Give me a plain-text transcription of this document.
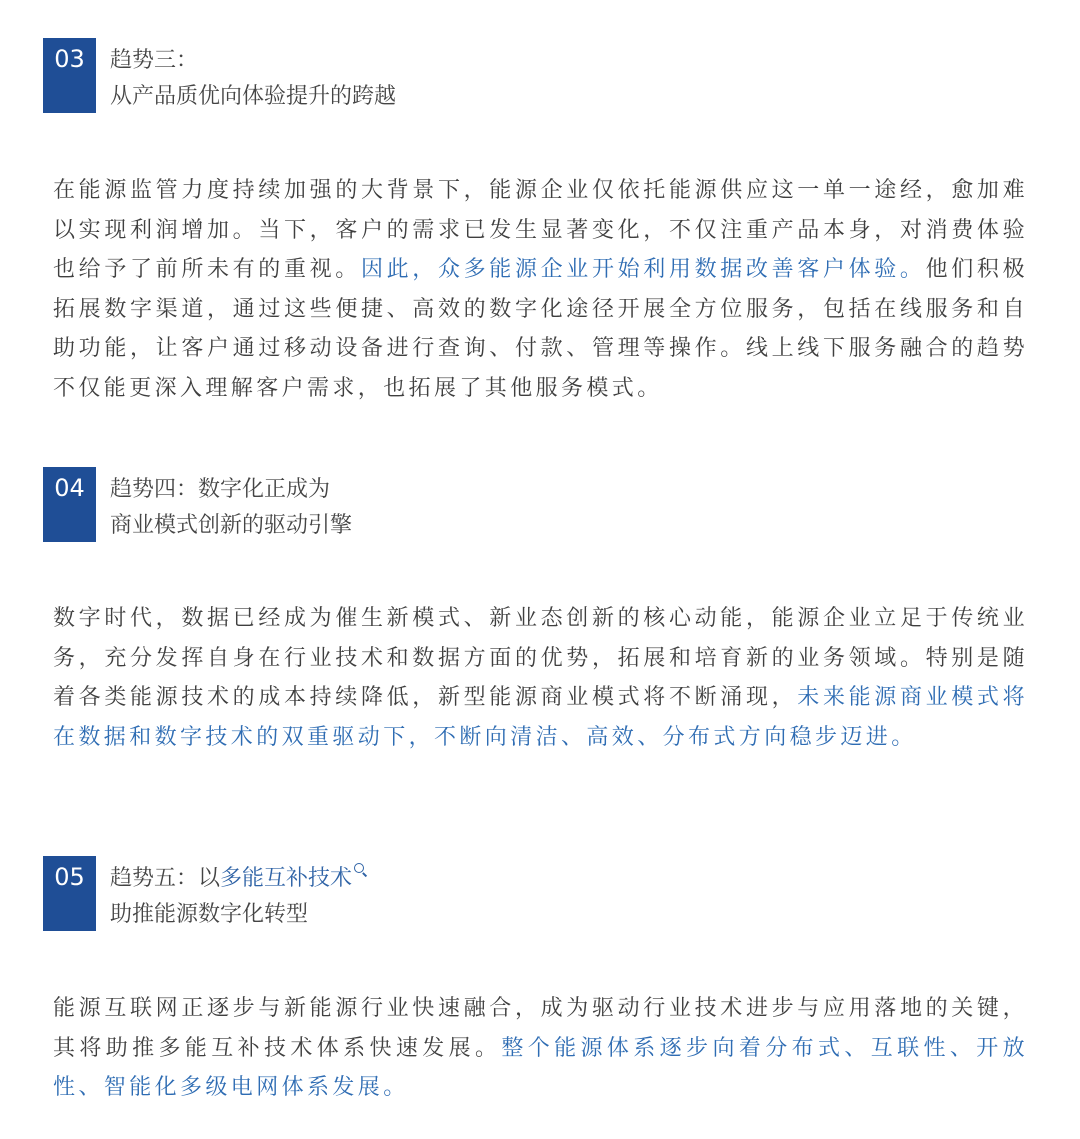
03	趋势三：
从产品质优向体验提升的跨越

在能源监管力度持续加强的大背景下，能源企业仅依托能源供应这一单一途经，愈加难以实现利润增加。当下，客户的需求已发生显著变化，不仅注重产品本身，对消费体验也给予了前所未有的重视。因此，众多能源企业开始利用数据改善客户体验。他们积极拓展数字渠道，通过这些便捷、高效的数字化途径开展全方位服务，包括在线服务和自助功能，让客户通过移动设备进行查询、付款、管理等操作。线上线下服务融合的趋势不仅能更深入理解客户需求，也拓展了其他服务模式。

04	趋势四：数字化正成为
商业模式创新的驱动引擎

数字时代，数据已经成为催生新模式、新业态创新的核心动能，能源企业立足于传统业务，充分发挥自身在行业技术和数据方面的优势，拓展和培育新的业务领域。特别是随着各类能源技术的成本持续降低，新型能源商业模式将不断涌现，未来能源商业模式将在数据和数字技术的双重驱动下，不断向清洁、高效、分布式方向稳步迈进。

05	趋势五：以多能互补技术
助推能源数字化转型

能源互联网正逐步与新能源行业快速融合，成为驱动行业技术进步与应用落地的关键，其将助推多能互补技术体系快速发展。整个能源体系逐步向着分布式、互联性、开放性、智能化多级电网体系发展。
